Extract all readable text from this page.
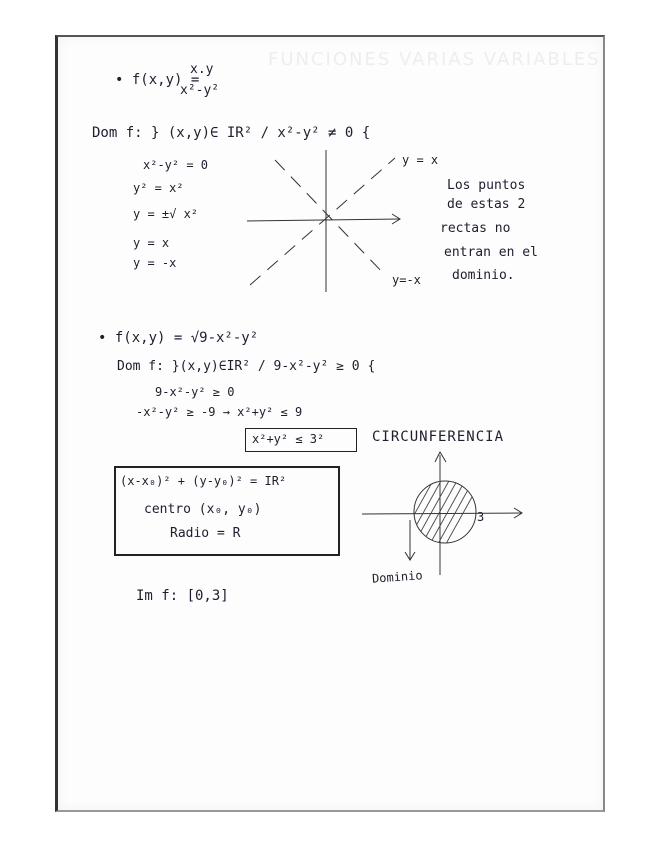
FUNCIONES VARIAS VARIABLES
• f(x,y) =
x.y
x²-y²
Dom f: } (x,y)∈ IR² / x²-y² ≠ 0 {
x²-y² = 0
y² = x²
y = ±√ x²
y = x
y = -x
y = x
y=-x
Los puntos
de estas 2
rectas no
entran en el
dominio.
• f(x,y) = √9-x²-y²
Dom f: }(x,y)∈IR² / 9-x²-y² ≥ 0 {
9-x²-y² ≥ 0
-x²-y² ≥ -9 → x²+y² ≤ 9
x²+y² ≤ 3²	CIRCUNFERENCIA
(x-x₀)² + (y-y₀)² = IR²
centro (x₀, y₀)
Radio = R
3
Dominio
Im f: [0,3]
